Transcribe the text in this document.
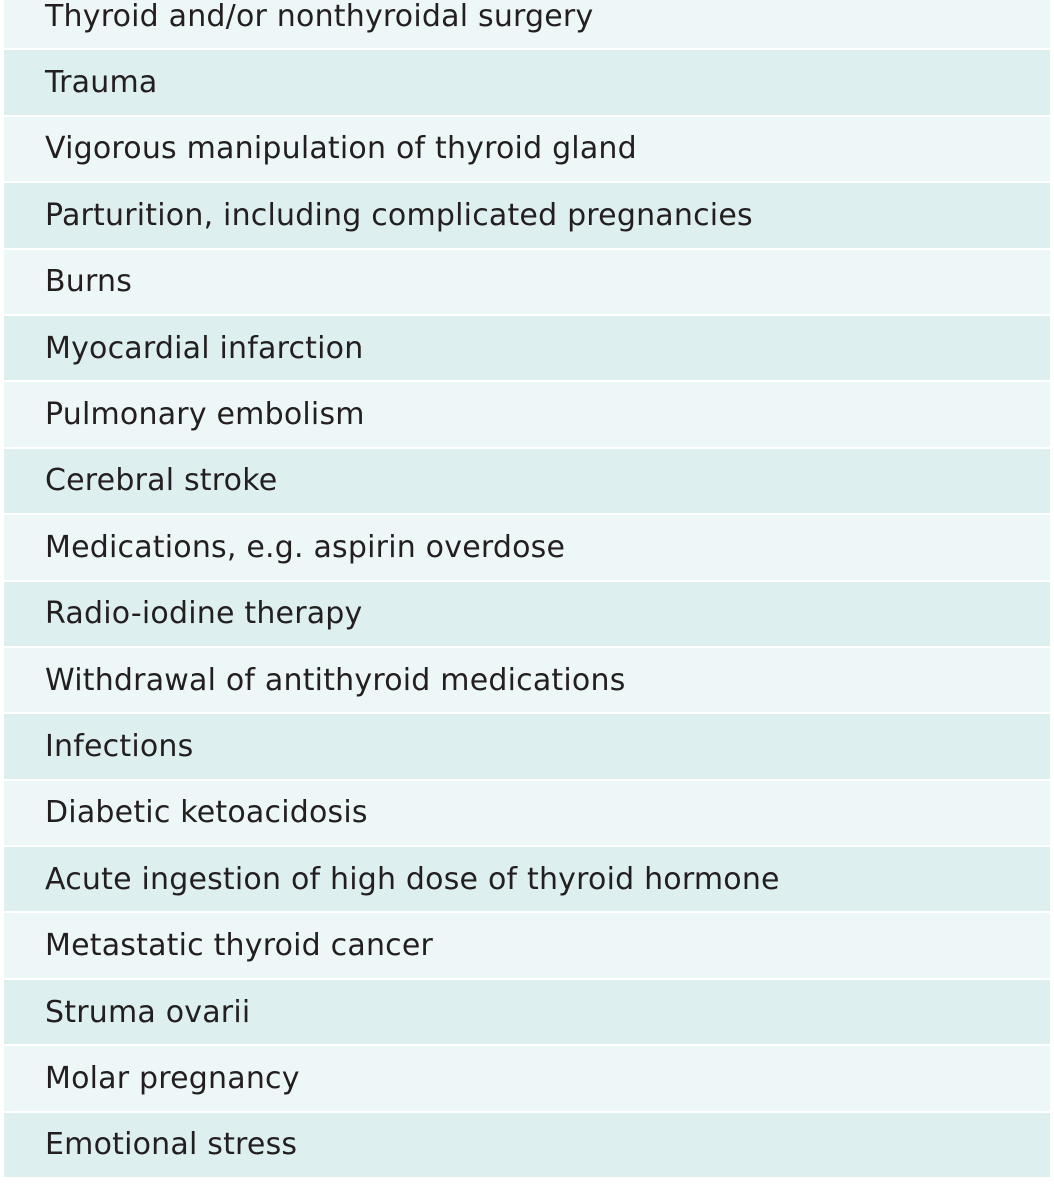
Thyroid and/or nonthyroidal surgery
Trauma
Vigorous manipulation of thyroid gland
Parturition, including complicated pregnancies
Burns
Myocardial infarction
Pulmonary embolism
Cerebral stroke
Medications, e.g. aspirin overdose
Radio-iodine therapy
Withdrawal of antithyroid medications
Infections
Diabetic ketoacidosis
Acute ingestion of high dose of thyroid hormone
Metastatic thyroid cancer
Struma ovarii
Molar pregnancy
Emotional stress
